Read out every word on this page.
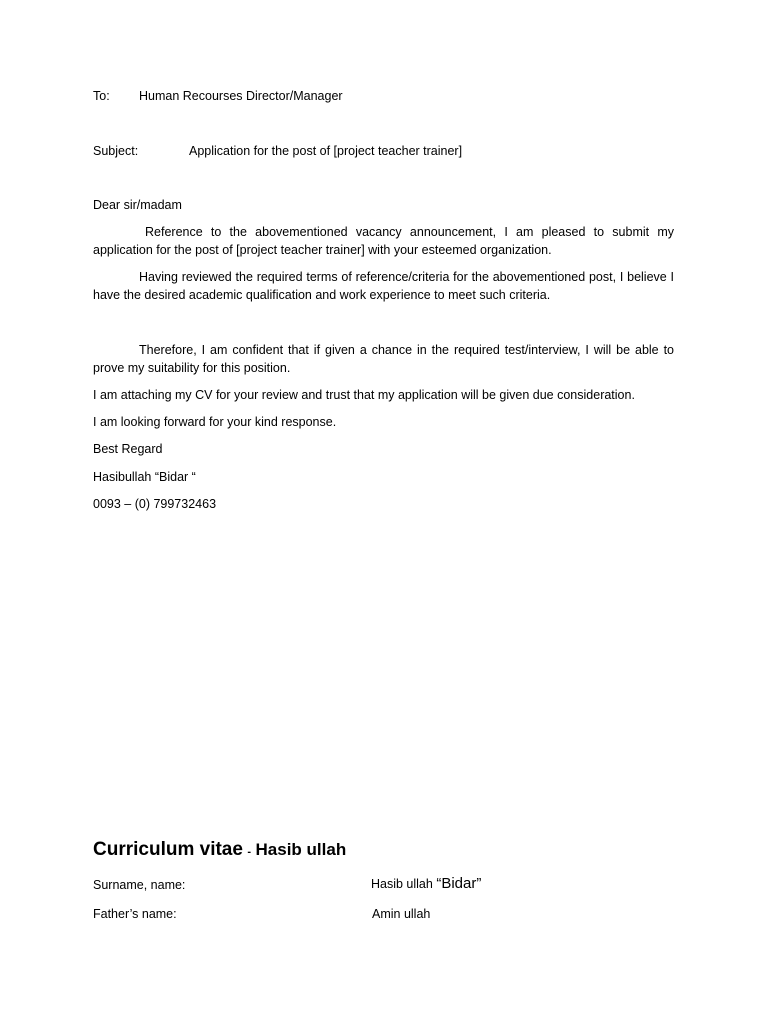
To: Human Recourses Director/Manager
Subject:	Application for the post of [project teacher trainer]
Dear sir/madam

Reference to the abovementioned vacancy announcement, I am pleased to submit my application for the post of [project teacher trainer] with your esteemed organization.

Having reviewed the required terms of reference/criteria for the abovementioned post, I believe I have the desired academic qualification and work experience to meet such criteria.

Therefore, I am confident that if given a chance in the required test/interview, I will be able to prove my suitability for this position.

I am attaching my CV for your review and trust that my application will be given due consideration.
I am looking forward for your kind response.
Best Regard
Hasibullah “Bidar “
0093 – (0) 799732463
Curriculum vitae - Hasib ullah
Surname, name:	Hasib ullah “Bidar”
Father’s name:	Amin ullah
